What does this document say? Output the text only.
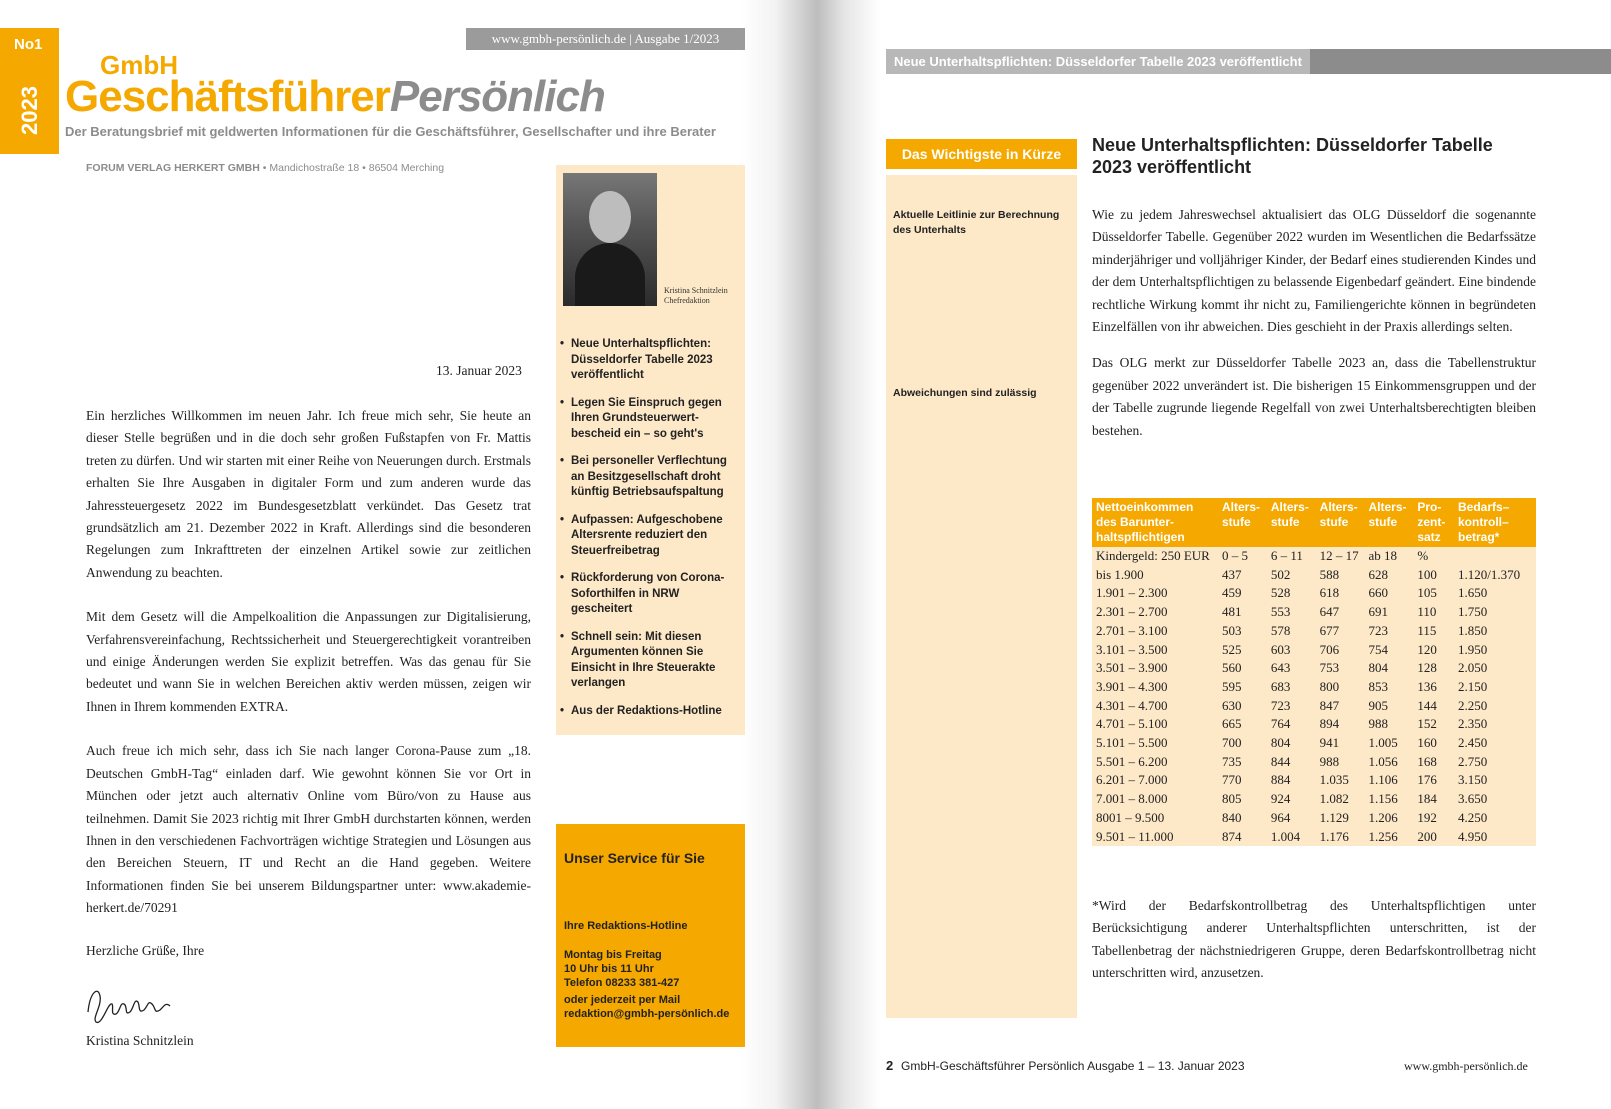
No1
2023
www.gmbh-persönlich.de | Ausgabe 1/2023
GmbH
GeschäftsführerPersönlich
Der Beratungsbrief mit geldwerten Informationen für die Geschäftsführer, Gesellschafter und ihre Berater
FORUM VERLAG HERKERT GMBH • Mandichostraße 18 • 86504 Merching
Kristina Schnitzlein
Chefredaktion
• Neue Unterhaltspflichten: Düsseldorfer Tabelle 2023 veröffentlicht
• Legen Sie Einspruch gegen Ihren Grundsteuerwert-bescheid ein – so geht's
• Bei personeller Verflechtung an Besitzgesellschaft droht künftig Betriebsaufspaltung
• Aufpassen: Aufgeschobene Altersrente reduziert den Steuerfreibetrag
• Rückforderung von Corona-Soforthilfen in NRW gescheitert
• Schnell sein: Mit diesen Argumenten können Sie Einsicht in Ihre Steuerakte verlangen
• Aus der Redaktions-Hotline
13. Januar 2023

Ein herzliches Willkommen im neuen Jahr. Ich freue mich sehr, Sie heute an dieser Stelle begrüßen und in die doch sehr großen Fußstapfen von Fr. Mattis treten zu dürfen. Und wir starten mit einer Reihe von Neuerungen durch. Erstmals erhalten Sie Ihre Ausgaben in digitaler Form und zum anderen wurde das Jahressteuergesetz 2022 im Bundesgesetzblatt verkündet. Das Gesetz trat grundsätzlich am 21. Dezember 2022 in Kraft. Allerdings sind die besonderen Regelungen zum Inkrafttreten der einzelnen Artikel sowie zur zeitlichen Anwendung zu beachten.

Mit dem Gesetz will die Ampelkoalition die Anpassungen zur Digitalisierung, Verfahrensvereinfachung, Rechtssicherheit und Steuergerechtigkeit vorantreiben und einige Änderungen werden Sie explizit betreffen. Was das genau für Sie bedeutet und wann Sie in welchen Bereichen aktiv werden müssen, zeigen wir Ihnen in Ihrem kommenden EXTRA.

Auch freue ich mich sehr, dass ich Sie nach langer Corona-Pause zum „18. Deutschen GmbH-Tag“ einladen darf. Wie gewohnt können Sie vor Ort in München oder jetzt auch alternativ Online vom Büro/von zu Hause aus teilnehmen. Damit Sie 2023 richtig mit Ihrer GmbH durchstarten können, werden Ihnen in den verschiedenen Fachvorträgen wichtige Strategien und Lösungen aus den Bereichen Steuern, IT und Recht an die Hand gegeben. Weitere Informationen finden Sie bei unserem Bildungspartner unter: www.akademie-herkert.de/70291

Herzliche Grüße, Ihre
Kristina Schnitzlein
Unser Service für Sie
Ihre Redaktions-Hotline
Montag bis Freitag
10 Uhr bis 11 Uhr
Telefon 08233 381-427
oder jederzeit per Mail
redaktion@gmbh-persönlich.de
Neue Unterhaltspflichten: Düsseldorfer Tabelle 2023 veröffentlicht
Das Wichtigste in Kürze
Aktuelle Leitlinie zur Berechnung des Unterhalts
Abweichungen sind zulässig
Neue Unterhaltspflichten: Düsseldorfer Tabelle 2023 veröffentlicht

Wie zu jedem Jahreswechsel aktualisiert das OLG Düsseldorf die sogenannte Düsseldorfer Tabelle. Gegenüber 2022 wurden im Wesentlichen die Bedarfssätze minderjähriger und volljähriger Kinder, der Bedarf eines studierenden Kindes und der dem Unterhaltspflichtigen zu belassende Eigenbedarf geändert. Eine bindende rechtliche Wirkung kommt ihr nicht zu, Familiengerichte können in begründeten Einzelfällen von ihr abweichen. Dies geschieht in der Praxis allerdings selten.

Das OLG merkt zur Düsseldorfer Tabelle 2023 an, dass die Tabellenstruktur gegenüber 2022 unverändert ist. Die bisherigen 15 Einkommensgruppen und der der Tabelle zugrunde liegende Regelfall von zwei Unterhaltsberechtigten bleiben bestehen.

Nettoeinkommen des Barunter-haltspflichtigen	Alters-stufe	Alters-stufe	Alters-stufe	Alters-stufe	Pro-zent-satz	Bedarfs–kontroll–betrag*
Kindergeld: 250 EUR	0 – 5	6 – 11	12 – 17	ab 18	%	
bis 1.900	437	502	588	628	100	1.120/1.370
1.901 – 2.300	459	528	618	660	105	1.650
2.301 – 2.700	481	553	647	691	110	1.750
2.701 – 3.100	503	578	677	723	115	1.850
3.101 – 3.500	525	603	706	754	120	1.950
3.501 – 3.900	560	643	753	804	128	2.050
3.901 – 4.300	595	683	800	853	136	2.150
4.301 – 4.700	630	723	847	905	144	2.250
4.701 – 5.100	665	764	894	988	152	2.350
5.101 – 5.500	700	804	941	1.005	160	2.450
5.501 – 6.200	735	844	988	1.056	168	2.750
6.201 – 7.000	770	884	1.035	1.106	176	3.150
7.001 – 8.000	805	924	1.082	1.156	184	3.650
8001 – 9.500	840	964	1.129	1.206	192	4.250
9.501 – 11.000	874	1.004	1.176	1.256	200	4.950
*Wird der Bedarfskontrollbetrag des Unterhaltspflichtigen unter Berücksichtigung anderer Unterhaltspflichten unterschritten, ist der Tabellenbetrag der nächstniedrigeren Gruppe, deren Bedarfskontrollbetrag nicht unterschritten wird, anzusetzen.
2 GmbH-Geschäftsführer Persönlich Ausgabe 1 – 13. Januar 2023	www.gmbh-persönlich.de
